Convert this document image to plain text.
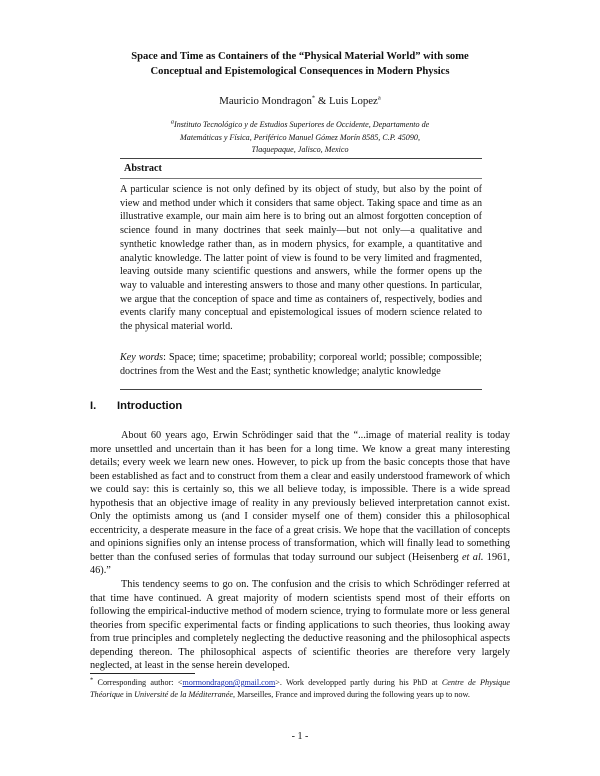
Space and Time as Containers of the “Physical Material World” with some
Conceptual and Epistemological Consequences in Modern Physics
Mauricio Mondragon* & Luis Lopez$^a$
$^a$Instituto Tecnológico y de Estudios Superiores de Occidente, Departamento de
Matemáticas y Física, Periférico Manuel Gómez Morín 8585, C.P. 45090,
Tlaquepaque, Jalisco, Mexico
Abstract
A particular science is not only defined by its object of study, but also by the point of view and method under which it considers that same object. Taking space and time as an illustrative example, our main aim here is to bring out an almost forgotten conception of science found in many doctrines that seek mainly—but not only—a qualitative and synthetic knowledge rather than, as in modern physics, for example, a quantitative and analytic knowledge. The latter point of view is found to be very limited and fragmented, leaving outside many scientific questions and answers, while the former opens up the way to valuable and interesting answers to those and many other questions. In particular, we argue that the conception of space and time as containers of, respectively, bodies and events clarify many conceptual and epistemological issues of modern science related to the physical material world.
Key words: Space; time; spacetime; probability; corporeal world; possible; compossible; doctrines from the West and the East; synthetic knowledge; analytic knowledge
I. Introduction

About 60 years ago, Erwin Schrödinger said that the “...image of material reality is today more unsettled and uncertain than it has been for a long time. We know a great many interesting details; every week we learn new ones. However, to pick up from the basic concepts those that have been established as fact and to construct from them a clear and easily understood framework of which we could say: this is certainly so, this we all believe today, is impossible. There is a wide spread hypothesis that an objective image of reality in any previously believed interpretation cannot exist. Only the optimists among us (and I consider myself one of them) consider this a philosophical eccentricity, a desperate measure in the face of a great crisis. We hope that the vacillation of concepts and opinions signifies only an intense process of transformation, which will finally lead to something better than the confused series of formulas that today surround our subject (Heisenberg et al. 1961, 46).”

This tendency seems to go on. The confusion and the crisis to which Schrödinger referred at that time have continued. A great majority of modern scientists spend most of their efforts on following the empirical-inductive method of modern science, trying to formulate more or less general theories from specific experimental facts or finding applications to such theories, thus looking away from true principles and completely neglecting the deductive reasoning and the philosophical aspects depending thereon. The philosophical aspects of scientific theories are therefore very largely neglected, at least in the sense herein developed.

* Corresponding author: <mormondragon@gmail.com>. Work developped partly during his PhD at Centre de Physique Théorique in Université de la Méditerranée, Marseilles, France and improved during the following years up to now.
- 1 -
